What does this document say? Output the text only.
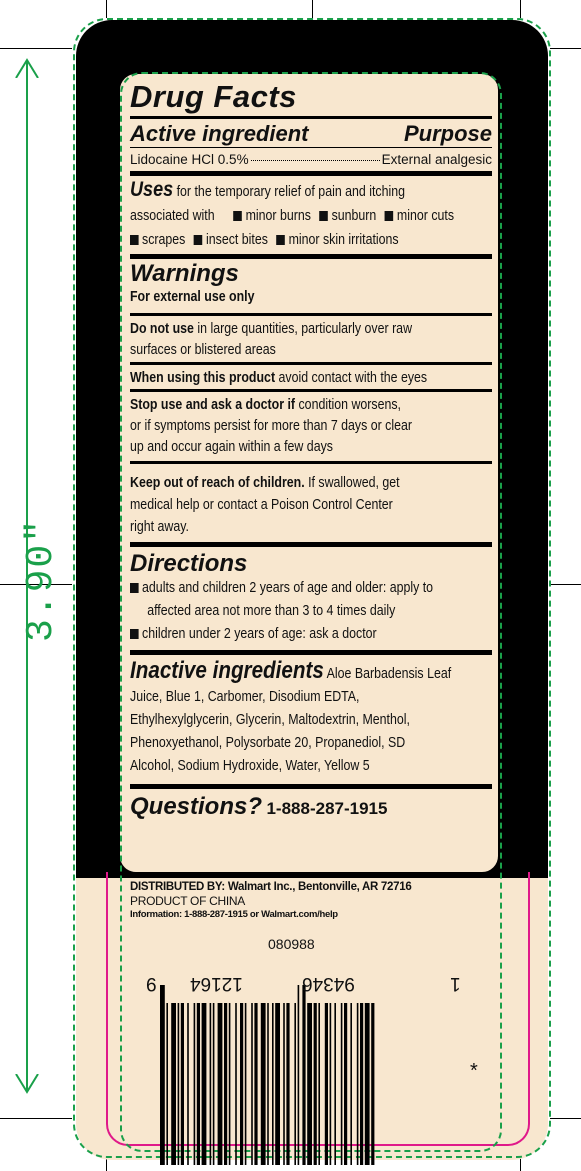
3.90"
Drug Facts
Active ingredient	Purpose
Lidocaine HCl 0.5%	External analgesic
Uses for the temporary relief of pain and itching
associated with minor burns sunburn minor cuts
scrapes insect bites minor skin irritations
Warnings
For external use only
Do not use in large quantities, particularly over raw
surfaces or blistered areas
When using this product avoid contact with the eyes
Stop use and ask a doctor if condition worsens,
or if symptoms persist for more than 7 days or clear
up and occur again within a few days
Keep out of reach of children. If swallowed, get
medical help or contact a Poison Control Center
right away.
Directions
adults and children 2 years of age and older: apply to
affected area not more than 3 to 4 times daily
children under 2 years of age: ask a doctor
Inactive ingredients Aloe Barbadensis Leaf
Juice, Blue 1, Carbomer, Disodium EDTA,
Ethylhexylglycerin, Glycerin, Maltodextrin, Menthol,
Phenoxyethanol, Polysorbate 20, Propanediol, SD
Alcohol, Sodium Hydroxide, Water, Yellow 5
Questions? 1-888-287-1915
DISTRIBUTED BY: Walmart Inc., Bentonville, AR 72716
PRODUCT OF CHINA
Information: 1-888-287-1915 or Walmart.com/help
080988
9 12164	94346	1
*
